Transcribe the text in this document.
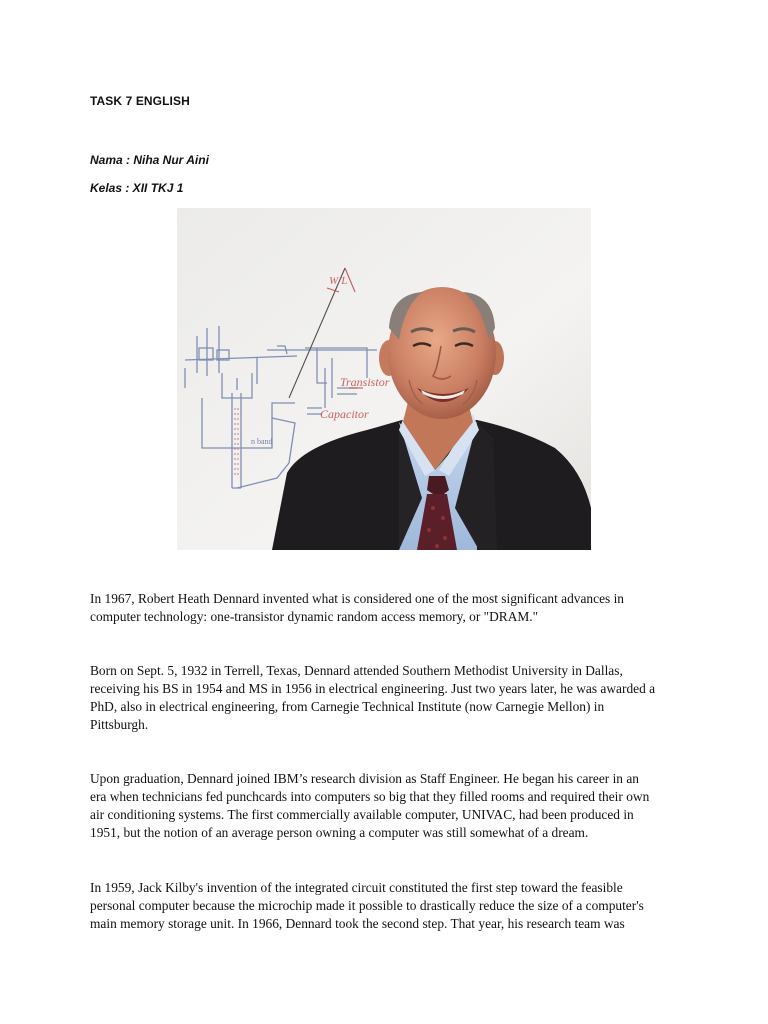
TASK 7 ENGLISH
Nama : Niha Nur Aini
Kelas : XII TKJ 1
W/L
Transistor
Capacitor
n band

In 1967, Robert Heath Dennard invented what is considered one of the most significant advances in
computer technology: one-transistor dynamic random access memory, or "DRAM."

Born on Sept. 5, 1932 in Terrell, Texas, Dennard attended Southern Methodist University in Dallas,
receiving his BS in 1954 and MS in 1956 in electrical engineering. Just two years later, he was awarded a
PhD, also in electrical engineering, from Carnegie Technical Institute (now Carnegie Mellon) in
Pittsburgh.

Upon graduation, Dennard joined IBM’s research division as Staff Engineer. He began his career in an
era when technicians fed punchcards into computers so big that they filled rooms and required their own
air conditioning systems. The first commercially available computer, UNIVAC, had been produced in
1951, but the notion of an average person owning a computer was still somewhat of a dream.

In 1959, Jack Kilby's invention of the integrated circuit constituted the first step toward the feasible
personal computer because the microchip made it possible to drastically reduce the size of a computer's
main memory storage unit. In 1966, Dennard took the second step. That year, his research team was
